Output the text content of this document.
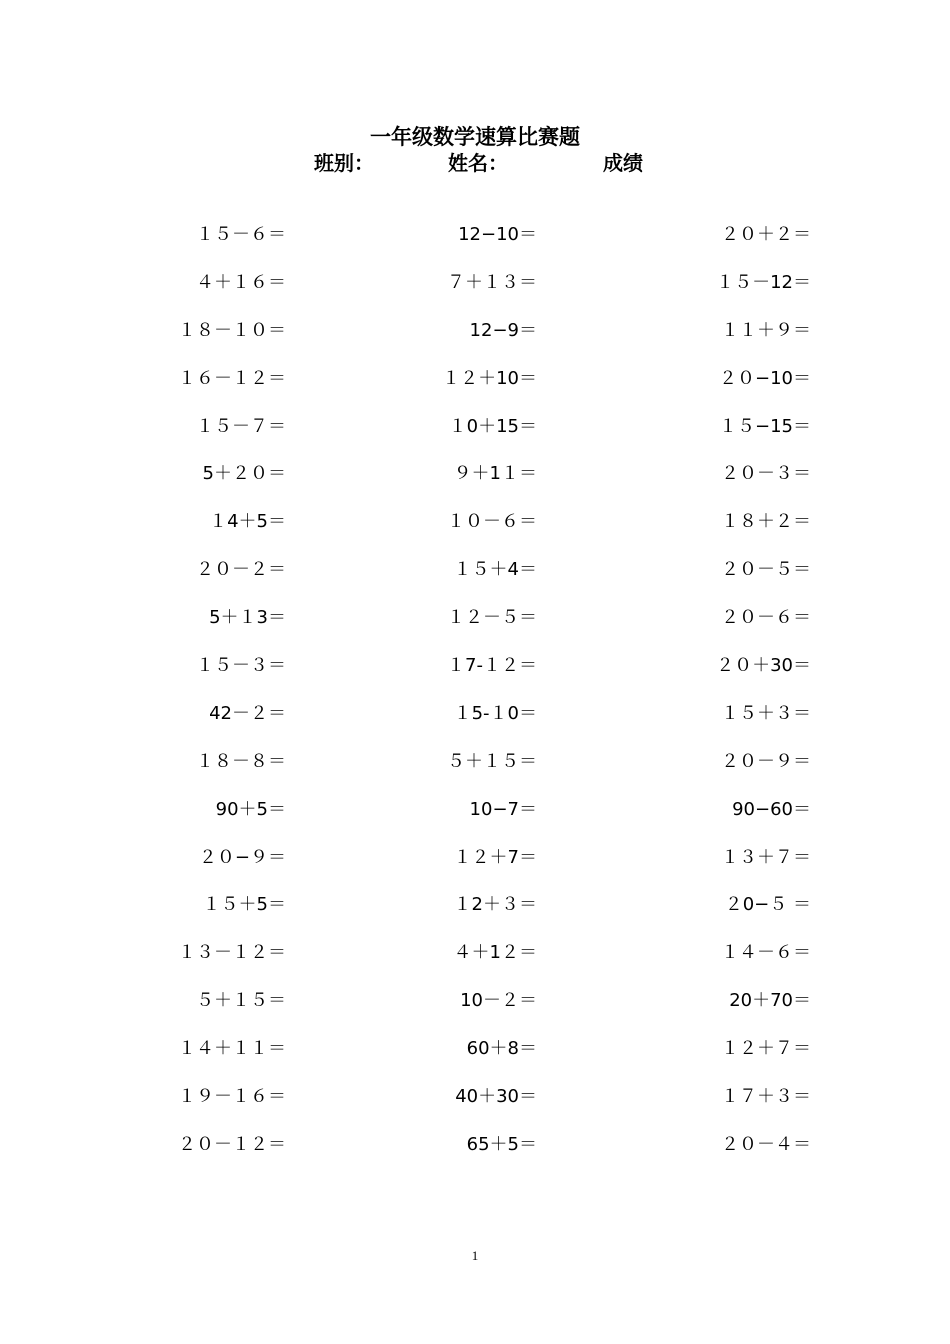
一年级数学速算比赛题
班别：	姓名：	成绩
１５－６＝
４＋１６＝
１８－１０＝
１６－１２＝
１５－７＝
5＋２０＝
１4＋5＝
２０－２＝
5＋１3＝
１５－３＝
42－２＝
１８－８＝
90＋5＝
２０−９＝
１５＋5＝
１３－１２＝
５＋１５＝
１４＋１１＝
１９－１６＝
２０－１２＝
12−10＝
７＋１３＝
12−9＝
１２＋10＝
１0＋15＝
９＋1１＝
１０－６＝
１５＋4＝
１２－５＝
１7-１２＝
１5-１0＝
５＋１５＝
10−7＝
１２＋7＝
１2＋３＝
４＋1２＝
10－２＝
60＋8＝
40＋30＝
65＋5＝
２０＋２＝
１５－12＝
１１＋９＝
２０−10＝
１５−15＝
２０－３＝
１８＋２＝
２０－５＝
２０－６＝
２０＋30＝
１５＋３＝
２０－９＝
90−60＝
１３＋７＝
２0−５ ＝
１４－６＝
20＋70＝
１２＋７＝
１７＋３＝
２０－４＝
1
